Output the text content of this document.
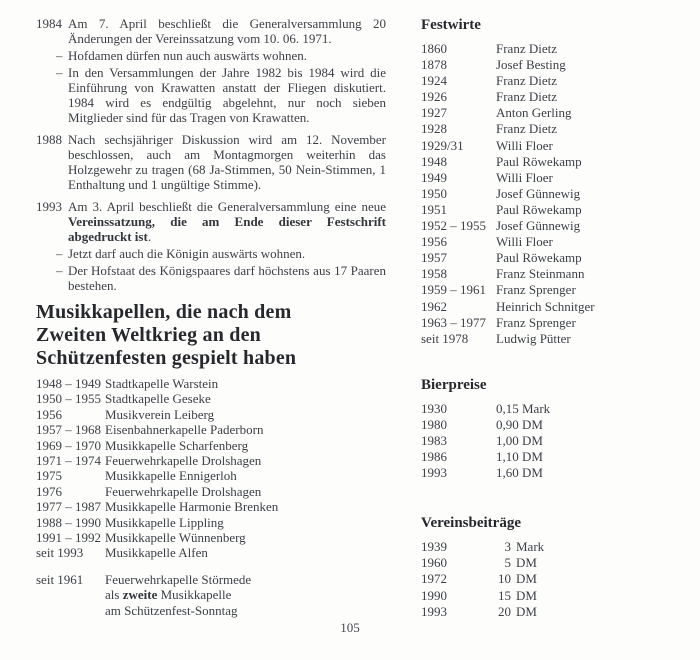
1984 Am 7. April beschließt die Generalversammlung 20 Änderungen der Vereinssatzung vom 10. 06. 1971.
– Hofdamen dürfen nun auch auswärts wohnen.
– In den Versammlungen der Jahre 1982 bis 1984 wird die Einführung von Krawatten anstatt der Fliegen diskutiert. 1984 wird es endgültig abgelehnt, nur noch sieben Mitglieder sind für das Tragen von Krawatten.
1988 Nach sechsjähriger Diskussion wird am 12. November beschlossen, auch am Montagmorgen weiterhin das Holzgewehr zu tragen (68 Ja-Stimmen, 50 Nein-Stimmen, 1 Enthaltung und 1 ungültige Stimme).
1993 Am 3. April beschließt die Generalversammlung eine neue Vereinssatzung, die am Ende dieser Festschrift abgedruckt ist.
– Jetzt darf auch die Königin auswärts wohnen.
– Der Hofstaat des Königspaares darf höchstens aus 17 Paaren bestehen.
Musikkapellen, die nach dem
Zweiten Weltkrieg an den
Schützenfesten gespielt haben
1948 – 1949 Stadtkapelle Warstein
1950 – 1955 Stadtkapelle Geseke
1956	Musikverein Leiberg
1957 – 1968 Eisenbahnerkapelle Paderborn
1969 – 1970 Musikkapelle Scharfenberg
1971 – 1974 Feuerwehrkapelle Drolshagen
1975	Musikkapelle Ennigerloh
1976	Feuerwehrkapelle Drolshagen
1977 – 1987 Musikkapelle Harmonie Brenken
1988 – 1990 Musikkapelle Lippling
1991 – 1992 Musikkapelle Wünnenberg
seit 1993	Musikkapelle Alfen
seit 1961	Feuerwehrkapelle Störmede
als zweite Musikkapelle
am Schützenfest-Sonntag
Festwirte
1860	Franz Dietz
1878	Josef Besting
1924	Franz Dietz
1926	Franz Dietz
1927	Anton Gerling
1928	Franz Dietz
1929/31	Willi Floer
1948	Paul Röwekamp
1949	Willi Floer
1950	Josef Günnewig
1951	Paul Röwekamp
1952 – 1955 Josef Günnewig
1956	Willi Floer
1957	Paul Röwekamp
1958	Franz Steinmann
1959 – 1961 Franz Sprenger
1962	Heinrich Schnitger
1963 – 1977 Franz Sprenger
seit 1978	Ludwig Pütter
Bierpreise
1930	0,15 Mark
1980	0,90 DM
1983	1,00 DM
1986	1,10 DM
1993	1,60 DM
Vereinsbeiträge
1939	3 Mark
1960	5 DM
1972	10 DM
1990	15 DM
1993	20 DM
105
